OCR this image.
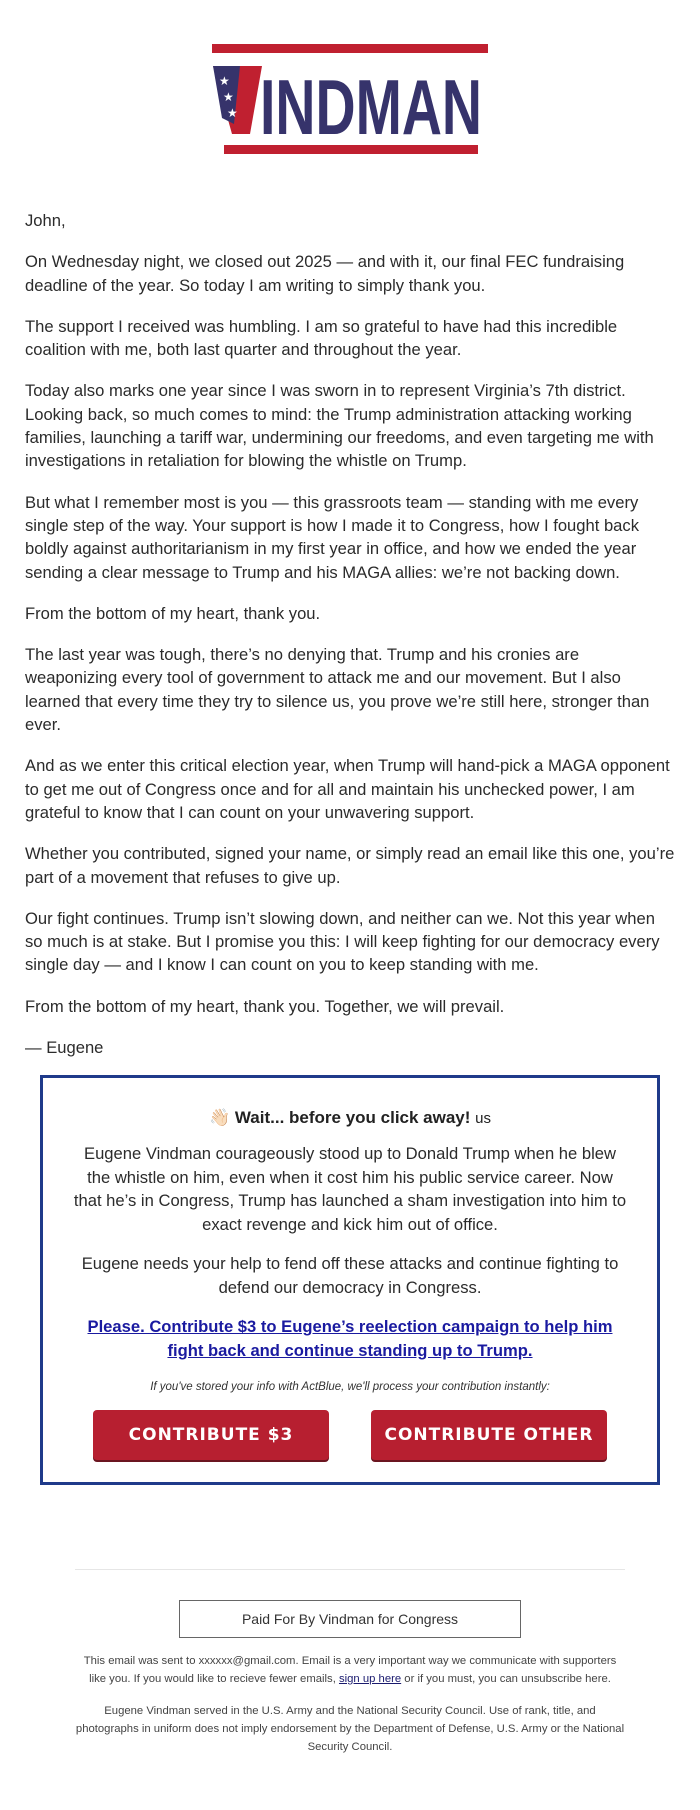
★
★
★ INDMAN

John,

On Wednesday night, we closed out 2025 — and with it, our final FEC fundraising deadline of the year. So today I am writing to simply thank you.

The support I received was humbling. I am so grateful to have had this incredible coalition with me, both last quarter and throughout the year.

Today also marks one year since I was sworn in to represent Virginia’s 7th district. Looking back, so much comes to mind: the Trump administration attacking working families, launching a tariff war, undermining our freedoms, and even targeting me with investigations in retaliation for blowing the whistle on Trump.

But what I remember most is you — this grassroots team — standing with me every single step of the way. Your support is how I made it to Congress, how I fought back boldly against authoritarianism in my first year in office, and how we ended the year sending a clear message to Trump and his MAGA allies: we’re not backing down.

From the bottom of my heart, thank you.

The last year was tough, there’s no denying that. Trump and his cronies are weaponizing every tool of government to attack me and our movement. But I also learned that every time they try to silence us, you prove we’re still here, stronger than ever.

And as we enter this critical election year, when Trump will hand-pick a MAGA opponent to get me out of Congress once and for all and maintain his unchecked power, I am grateful to know that I can count on your unwavering support.

Whether you contributed, signed your name, or simply read an email like this one, you’re part of a movement that refuses to give up.

Our fight continues. Trump isn’t slowing down, and neither can we. Not this year when so much is at stake. But I promise you this: I will keep fighting for our democracy every single day — and I know I can count on you to keep standing with me.

From the bottom of my heart, thank you. Together, we will prevail.

— Eugene

👋🏻 Wait... before you click away! us

Eugene Vindman courageously stood up to Donald Trump when he blew the whistle on him, even when it cost him his public service career. Now that he’s in Congress, Trump has launched a sham investigation into him to exact revenge and kick him out of office.

Eugene needs your help to fend off these attacks and continue fighting to defend our democracy in Congress.

Please. Contribute $3 to Eugene’s reelection campaign to help him fight back and continue standing up to Trump.

If you've stored your info with ActBlue, we'll process your contribution instantly:

CONTRIBUTE $3	CONTRIBUTE OTHER
Paid For By Vindman for Congress

This email was sent to xxxxxx@gmail.com. Email is a very important way we communicate with supporters like you. If you would like to recieve fewer emails, sign up here or if you must, you can unsubscribe here.

Eugene Vindman served in the U.S. Army and the National Security Council. Use of rank, title, and photographs in uniform does not imply endorsement by the Department of Defense, U.S. Army or the National Security Council.
